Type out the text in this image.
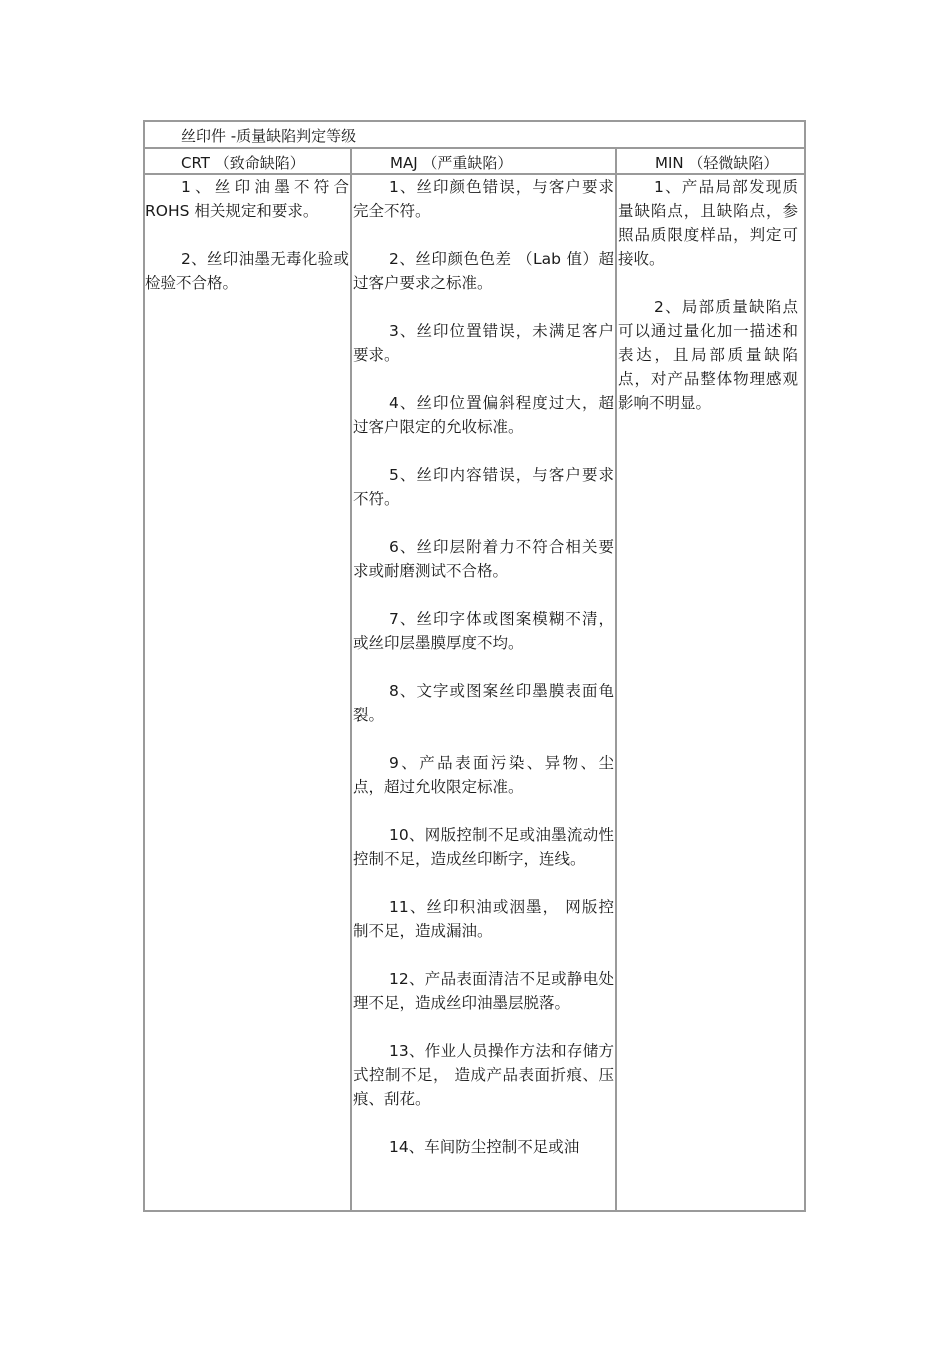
丝印件 -质量缺陷判定等级
CRT （致命缺陷）	MAJ （严重缺陷）	MIN （轻微缺陷）

1、丝印油墨不符合 ROHS 相关规定和要求。

2、丝印油墨无毒化验或检验不合格。

1、丝印颜色错误，与客户要求完全不符。

2、丝印颜色色差 （Lab 值）超过客户要求之标准。

3、丝印位置错误，未满足客户要求。

4、丝印位置偏斜程度过大，超过客户限定的允收标准。

5、丝印内容错误，与客户要求不符。

6、丝印层附着力不符合相关要求或耐磨测试不合格。

7、丝印字体或图案模糊不清，或丝印层墨膜厚度不均。

8、文字或图案丝印墨膜表面龟裂。

9、产品表面污染、异物、尘点，超过允收限定标准。

10、网版控制不足或油墨流动性控制不足，造成丝印断字，连线。

11、丝印积油或洇墨， 网版控制不足，造成漏油。

12、产品表面清洁不足或静电处理不足，造成丝印油墨层脱落。

13、作业人员操作方法和存储方式控制不足， 造成产品表面折痕、压痕、刮花。

14、车间防尘控制不足或油

1、产品局部发现质量缺陷点，且缺陷点，参照品质限度样品，判定可接收。

2、局部质量缺陷点可以通过量化加一描述和表达，且局部质量缺陷点，对产品整体物理感观影响不明显。
